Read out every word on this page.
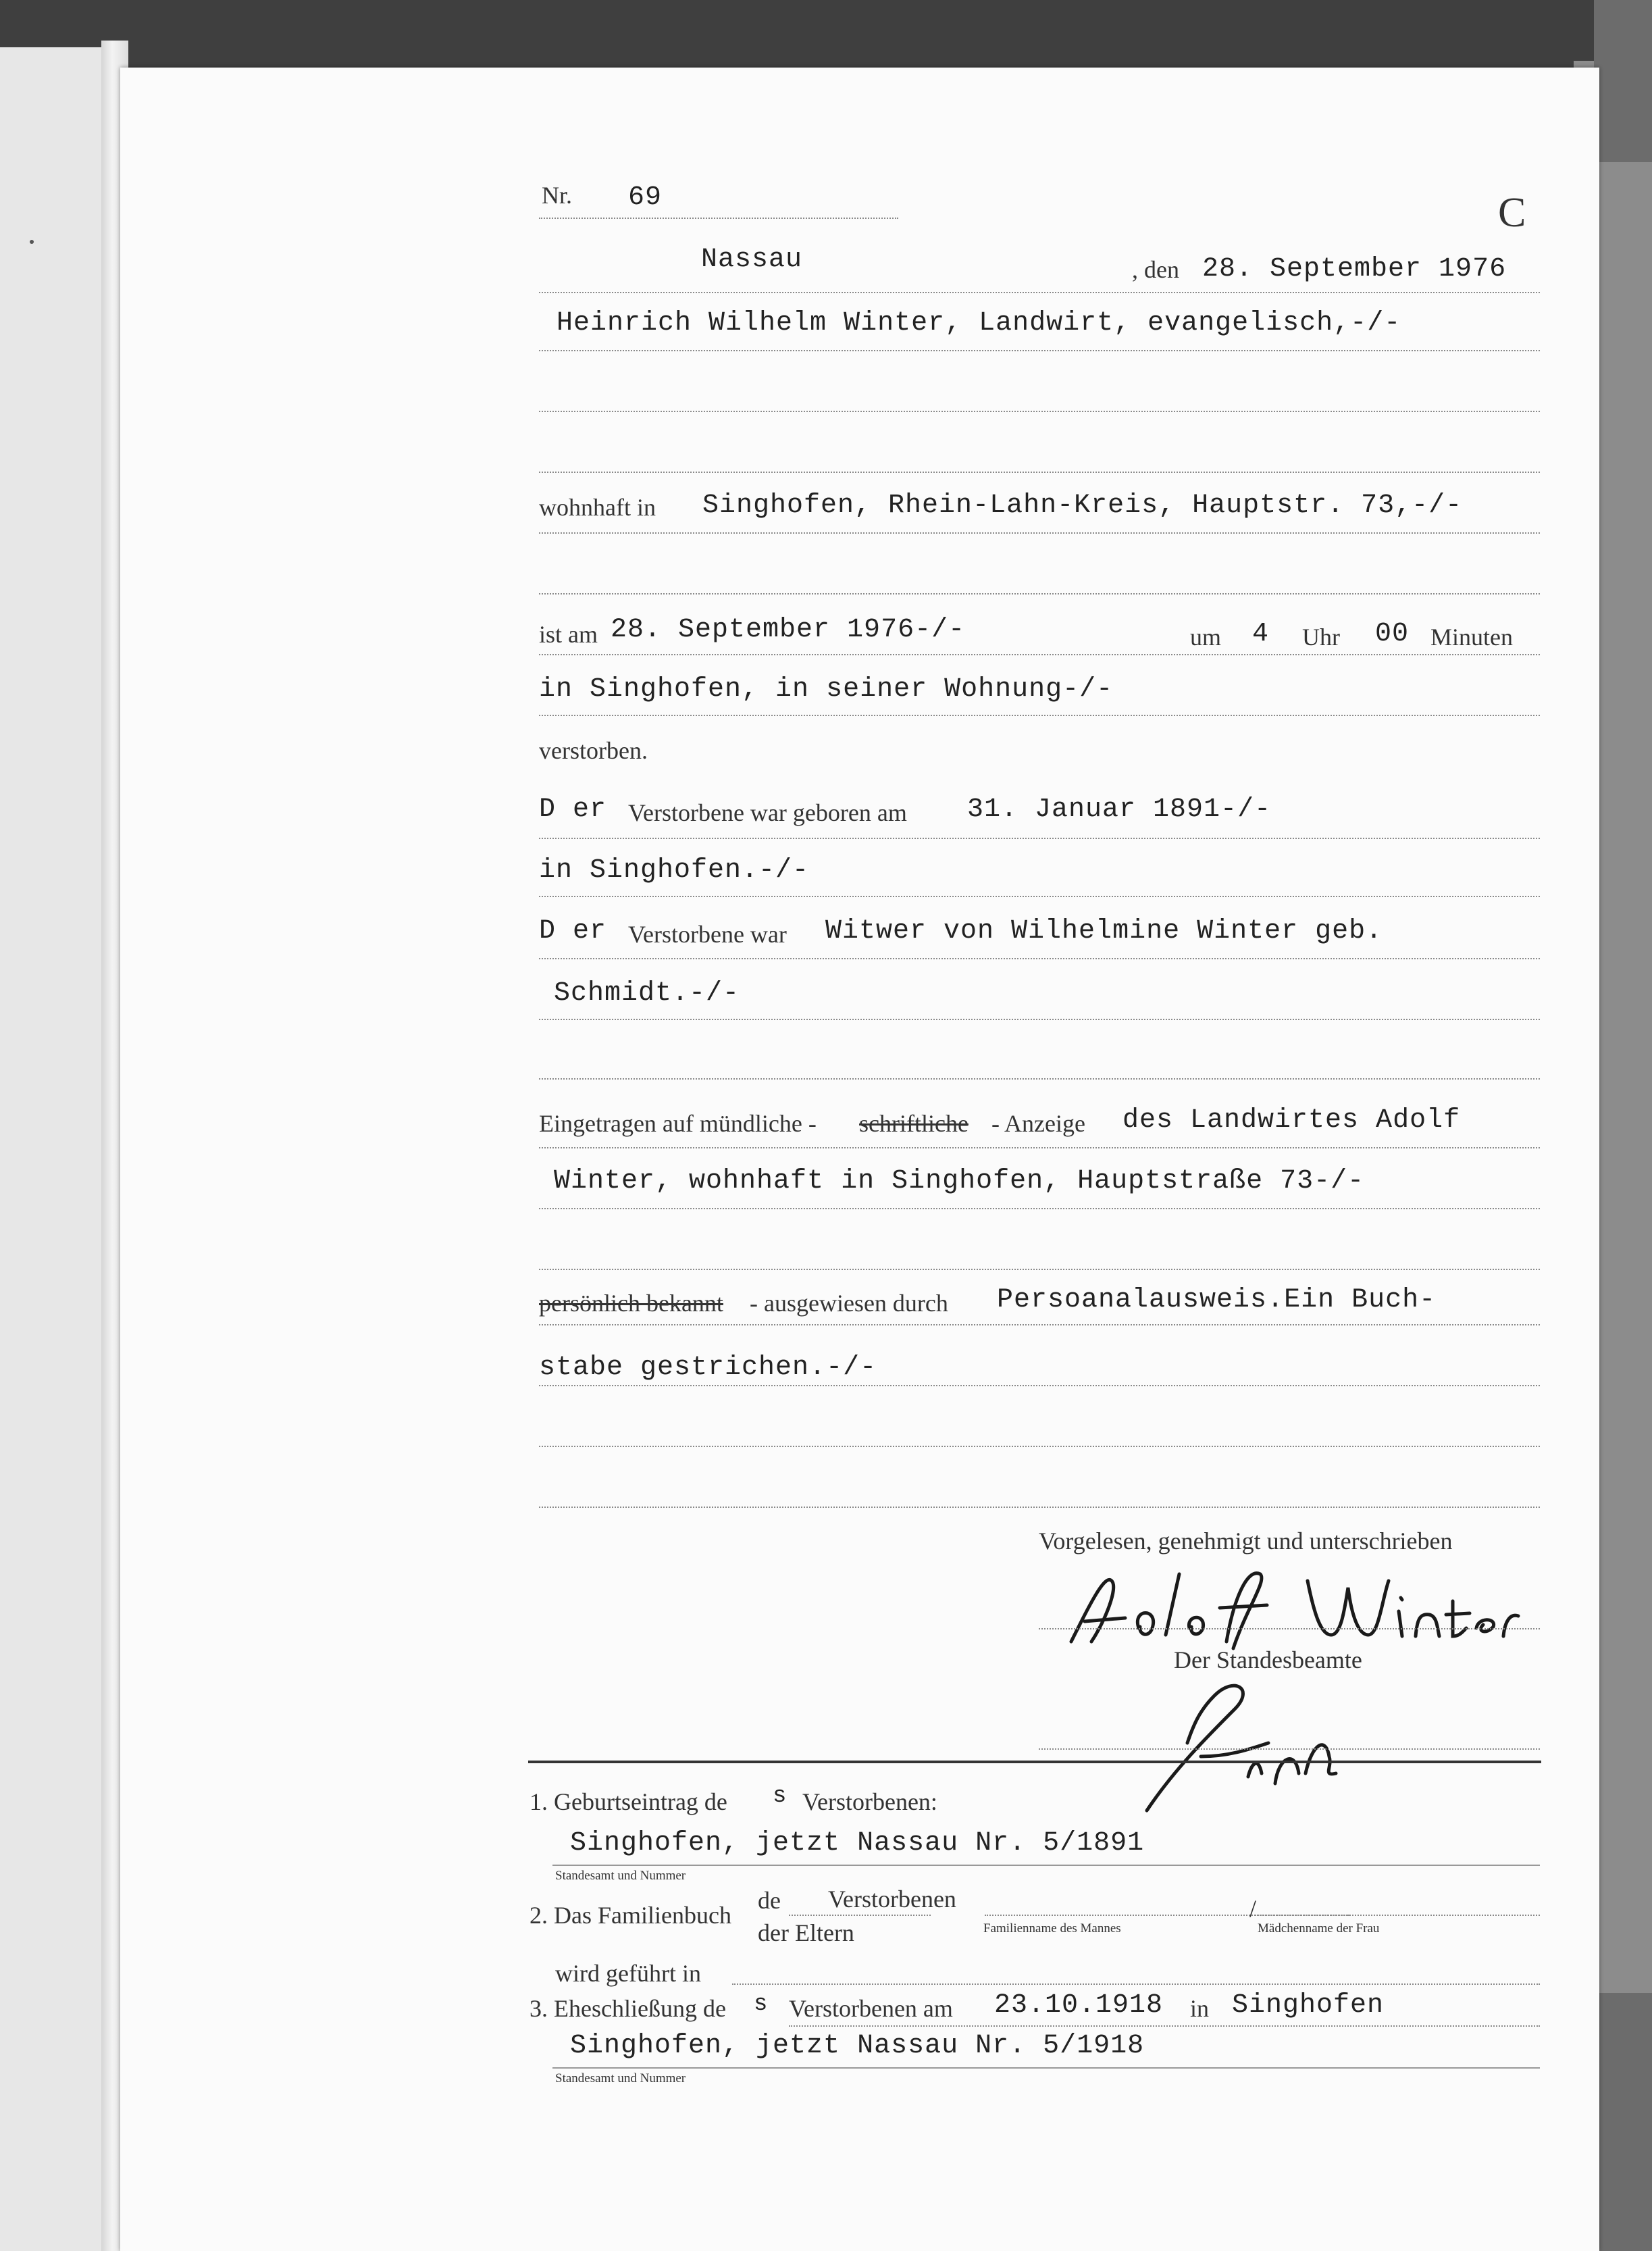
Nr. 69	C
Nassau	, den 28. September 1976
Heinrich Wilhelm Winter, Landwirt, evangelisch,-/-
wohnhaft in Singhofen, Rhein-Lahn-Kreis, Hauptstr. 73,-/-
ist am 28. September 1976-/-	um 4 Uhr 00 Minuten
in Singhofen, in seiner Wohnung-/-
verstorben.
D er Verstorbene war geboren am 31. Januar 1891-/-
in Singhofen.-/-
D er Verstorbene war Witwer von Wilhelmine Winter geb.
Schmidt.-/-
Eingetragen auf mündliche - schriftliche - Anzeige des Landwirtes Adolf
Winter, wohnhaft in Singhofen, Hauptstraße 73-/-
persönlich bekannt - ausgewiesen durch Persoanalausweis.Ein Buch-
stabe gestrichen.-/-
Vorgelesen, genehmigt und unterschrieben
Der Standesbeamte
1. Geburtseintrag de s Verstorbenen:
Singhofen, jetzt Nassau Nr. 5/1891
Standesamt und Nummer
2. Das Familienbuch
de Verstorbenen
der Eltern	Familienname des Mannes
/
Mädchenname der Frau
wird geführt in
3. Eheschließung de s Verstorbenen am 23.10.1918 in Singhofen
Singhofen, jetzt Nassau Nr. 5/1918
Standesamt und Nummer
